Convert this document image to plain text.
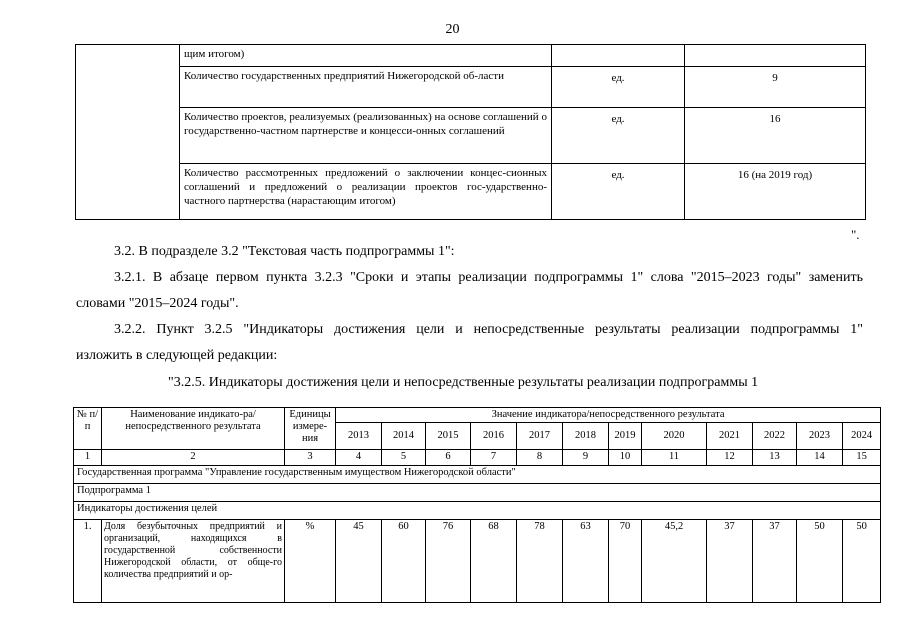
20
	щим итогом)		
	Количество государственных предприятий Нижегородской об-ласти	ед.	9
	Количество проектов, реализуемых (реализованных) на основе соглашений о государственно-частном партнерстве и концесси-онных соглашений	ед.	16
	Количество рассмотренных предложений о заключении концес-сионных соглашений и предложений о реализации проектов гос-ударственно-частного партнерства (нарастающим итогом)	ед.	16 (на 2019 год)
".
3.2. В подразделе 3.2 "Текстовая часть подпрограммы 1":
3.2.1. В абзаце первом пункта 3.2.3 "Сроки и этапы реализации подпрограммы 1" слова "2015–2023 годы" заменить
словами "2015–2024 годы".
3.2.2. Пункт 3.2.5 "Индикаторы достижения цели и непосредственные результаты реализации подпрограммы 1"
изложить в следующей редакции:
"3.2.5. Индикаторы достижения цели и непосредственные результаты реализации подпрограммы 1
№ п/п	Наименование индикато-ра/непосредственного результата	Единицы измере-ния	Значение индикатора/непосредственного результата											
			2013	2014	2015	2016	2017	2018	2019	2020	2021	2022	2023	2024
1	2	3	4	5	6	7	8	9	10	11	12	13	14	15
Государственная программа "Управление государственным имуществом Нижегородской области"														
Подпрограмма 1														
Индикаторы достижения целей														
1.	Доля безубыточных предприятий и организаций, находящихся в государственной собственности Нижегородской области, от обще-го количества предприятий и ор-	%	45	60	76	68	78	63	70	45,2	37	37	50	50
